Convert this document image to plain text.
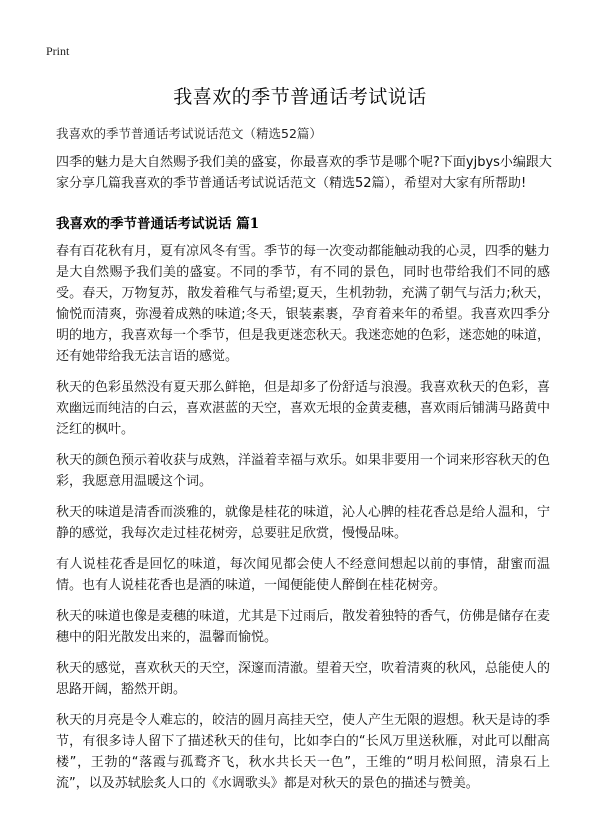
Print
我喜欢的季节普通话考试说话
我喜欢的季节普通话考试说话范文（精选52篇）

四季的魅力是大自然赐予我们美的盛宴，你最喜欢的季节是哪个呢?下面yjbys小编跟大家分享几篇我喜欢的季节普通话考试说话范文（精选52篇），希望对大家有所帮助!

我喜欢的季节普通话考试说话 篇1

春有百花秋有月，夏有凉风冬有雪。季节的每一次变动都能触动我的心灵，四季的魅力是大自然赐予我们美的盛宴。不同的季节，有不同的景色，同时也带给我们不同的感受。春天，万物复苏，散发着稚气与希望;夏天，生机勃勃，充满了朝气与活力;秋天，愉悦而清爽，弥漫着成熟的味道;冬天，银装素裹，孕育着来年的希望。我喜欢四季分明的地方，我喜欢每一个季节，但是我更迷恋秋天。我迷恋她的色彩，迷恋她的味道，还有她带给我无法言语的感觉。

秋天的色彩虽然没有夏天那么鲜艳，但是却多了份舒适与浪漫。我喜欢秋天的色彩，喜欢幽远而纯洁的白云，喜欢湛蓝的天空，喜欢无垠的金黄麦穗，喜欢雨后铺满马路黄中泛红的枫叶。

秋天的颜色预示着收获与成熟，洋溢着幸福与欢乐。如果非要用一个词来形容秋天的色彩，我愿意用温暖这个词。

秋天的味道是清香而淡雅的，就像是桂花的味道，沁人心脾的桂花香总是给人温和，宁静的感觉，我每次走过桂花树旁，总要驻足欣赏，慢慢品味。

有人说桂花香是回忆的味道，每次闻见都会使人不经意间想起以前的事情，甜蜜而温情。也有人说桂花香也是酒的味道，一闻便能使人醉倒在桂花树旁。

秋天的味道也像是麦穗的味道，尤其是下过雨后，散发着独特的香气，仿佛是储存在麦穗中的阳光散发出来的，温馨而愉悦。

秋天的感觉，喜欢秋天的天空，深邃而清澈。望着天空，吹着清爽的秋风，总能使人的思路开阔，豁然开朗。

秋天的月亮是令人难忘的，皎洁的圆月高挂天空，使人产生无限的遐想。秋天是诗的季节，有很多诗人留下了描述秋天的佳句，比如李白的“长风万里送秋雁，对此可以酣高楼”，王勃的“落霞与孤鹜齐飞，秋水共长天一色”，王维的“明月松间照，清泉石上流”，以及苏轼脍炙人口的《水调歌头》都是对秋天的景色的描述与赞美。
